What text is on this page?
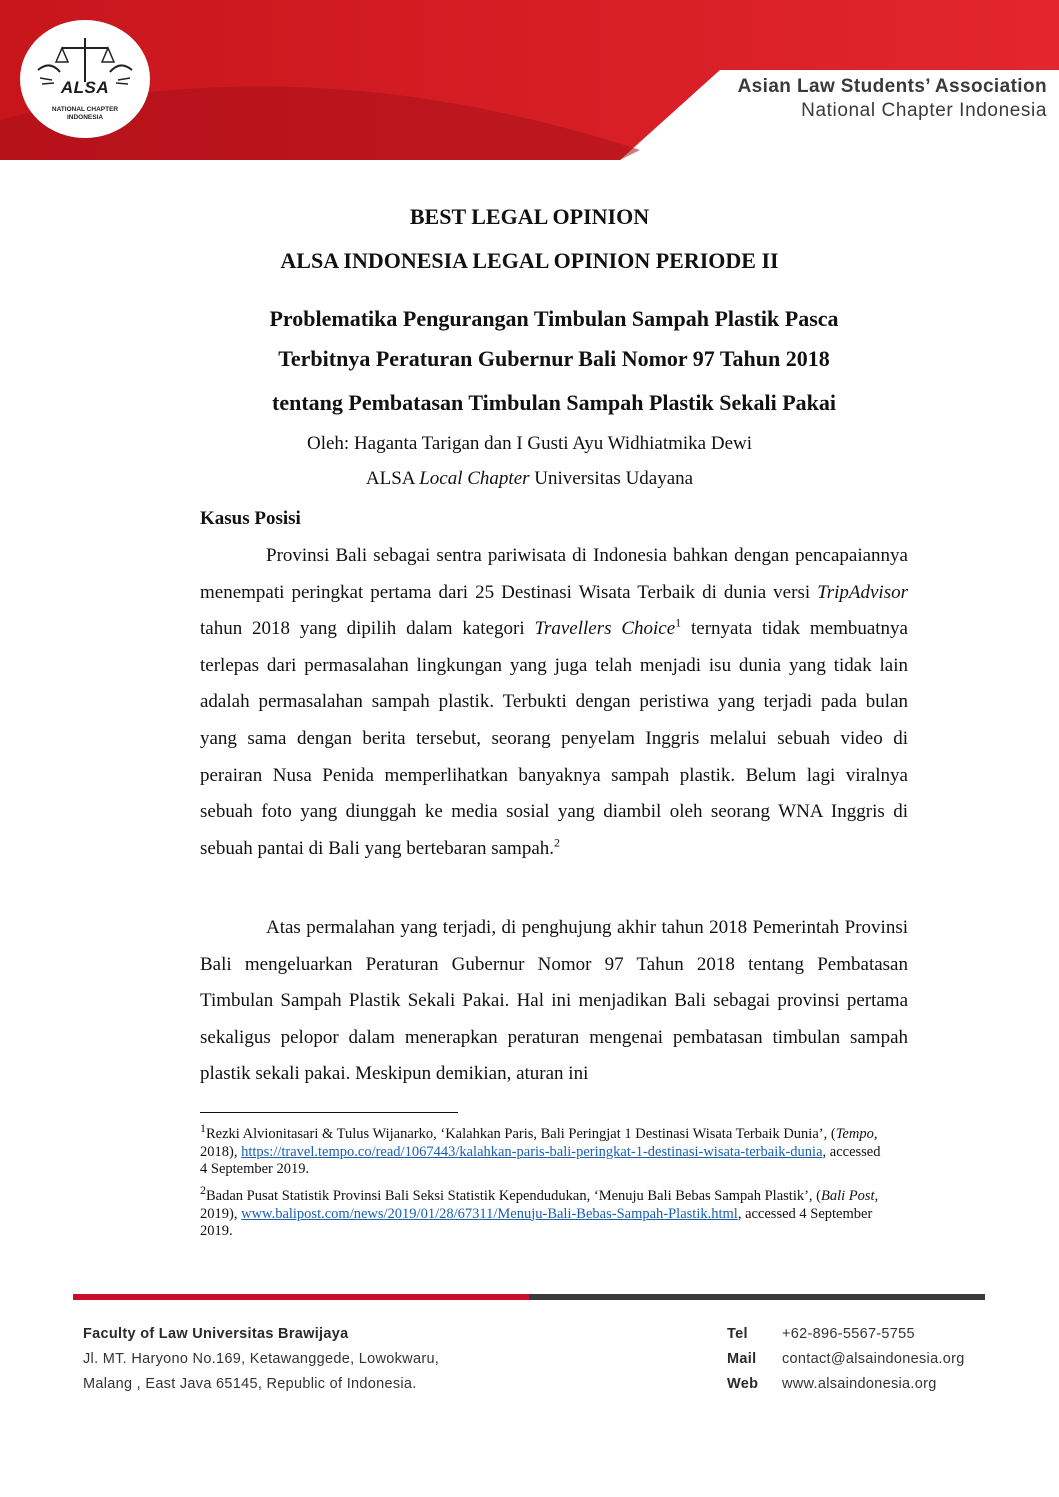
ALSA
NATIONAL CHAPTER
INDONESIA
Asian Law Students’ Association
National Chapter Indonesia
BEST LEGAL OPINION
ALSA INDONESIA LEGAL OPINION PERIODE II
Problematika Pengurangan Timbulan Sampah Plastik Pasca
Terbitnya Peraturan Gubernur Bali Nomor 97 Tahun 2018
tentang Pembatasan Timbulan Sampah Plastik Sekali Pakai
Oleh: Haganta Tarigan dan I Gusti Ayu Widhiatmika Dewi
ALSA Local Chapter Universitas Udayana
Kasus Posisi

Provinsi Bali sebagai sentra pariwisata di Indonesia bahkan dengan pencapaiannya menempati peringkat pertama dari 25 Destinasi Wisata Terbaik di dunia versi TripAdvisor tahun 2018 yang dipilih dalam kategori Travellers Choice$^1$ ternyata tidak membuatnya terlepas dari permasalahan lingkungan yang juga telah menjadi isu dunia yang tidak lain adalah permasalahan sampah plastik. Terbukti dengan peristiwa yang terjadi pada bulan yang sama dengan berita tersebut, seorang penyelam Inggris melalui sebuah video di perairan Nusa Penida memperlihatkan banyaknya sampah plastik. Belum lagi viralnya sebuah foto yang diunggah ke media sosial yang diambil oleh seorang WNA Inggris di sebuah pantai di Bali yang bertebaran sampah.$^2$

Atas permalahan yang terjadi, di penghujung akhir tahun 2018 Pemerintah Provinsi Bali mengeluarkan Peraturan Gubernur Nomor 97 Tahun 2018 tentang Pembatasan Timbulan Sampah Plastik Sekali Pakai. Hal ini menjadikan Bali sebagai provinsi pertama sekaligus pelopor dalam menerapkan peraturan mengenai pembatasan timbulan sampah plastik sekali pakai. Meskipun demikian, aturan ini

$^1$Rezki Alvionitasari & Tulus Wijanarko, ‘Kalahkan Paris, Bali Peringjat 1 Destinasi Wisata Terbaik Dunia’, (Tempo, 2018), https://travel.tempo.co/read/1067443/kalahkan-paris-bali-peringkat-1-destinasi-wisata-terbaik-dunia, accessed 4 September 2019.

$^2$Badan Pusat Statistik Provinsi Bali Seksi Statistik Kependudukan, ‘Menuju Bali Bebas Sampah Plastik’, (Bali Post, 2019), www.balipost.com/news/2019/01/28/67311/Menuju-Bali-Bebas-Sampah-Plastik.html, accessed 4 September 2019.

Faculty of Law Universitas Brawijaya
Jl. MT. Haryono No.169, Ketawanggede, Lowokwaru,
Malang , East Java 65145, Republic of Indonesia.
Tel +62-896-5567-5755
Mail contact@alsaindonesia.org
Web www.alsaindonesia.org
